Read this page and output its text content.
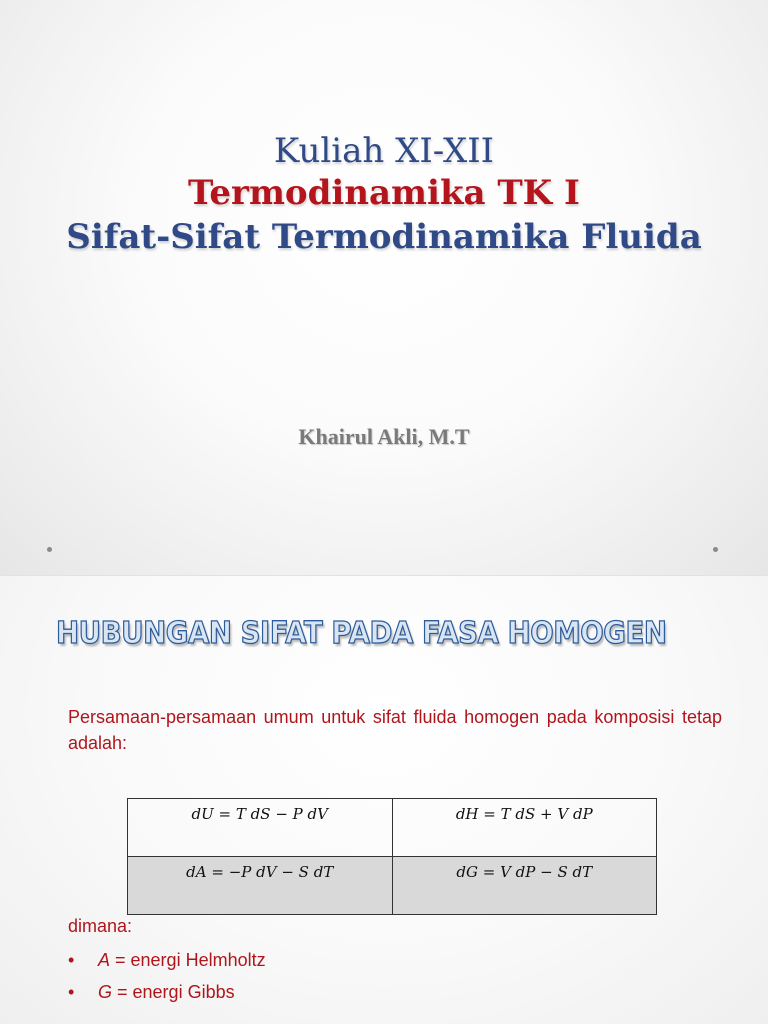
Kuliah XI-XII
Termodinamika TK I
Sifat-Sifat Termodinamika Fluida
Khairul Akli, M.T
HUBUNGAN SIFAT PADA FASA HOMOGEN
Persamaan-persamaan umum untuk sifat fluida homogen pada komposisi tetap adalah:
dU = T dS − P dV	dH = T dS + V dP
dA = −P dV − S dT	dG = V dP − S dT
dimana:
• A = energi Helmholtz
• G = energi Gibbs
